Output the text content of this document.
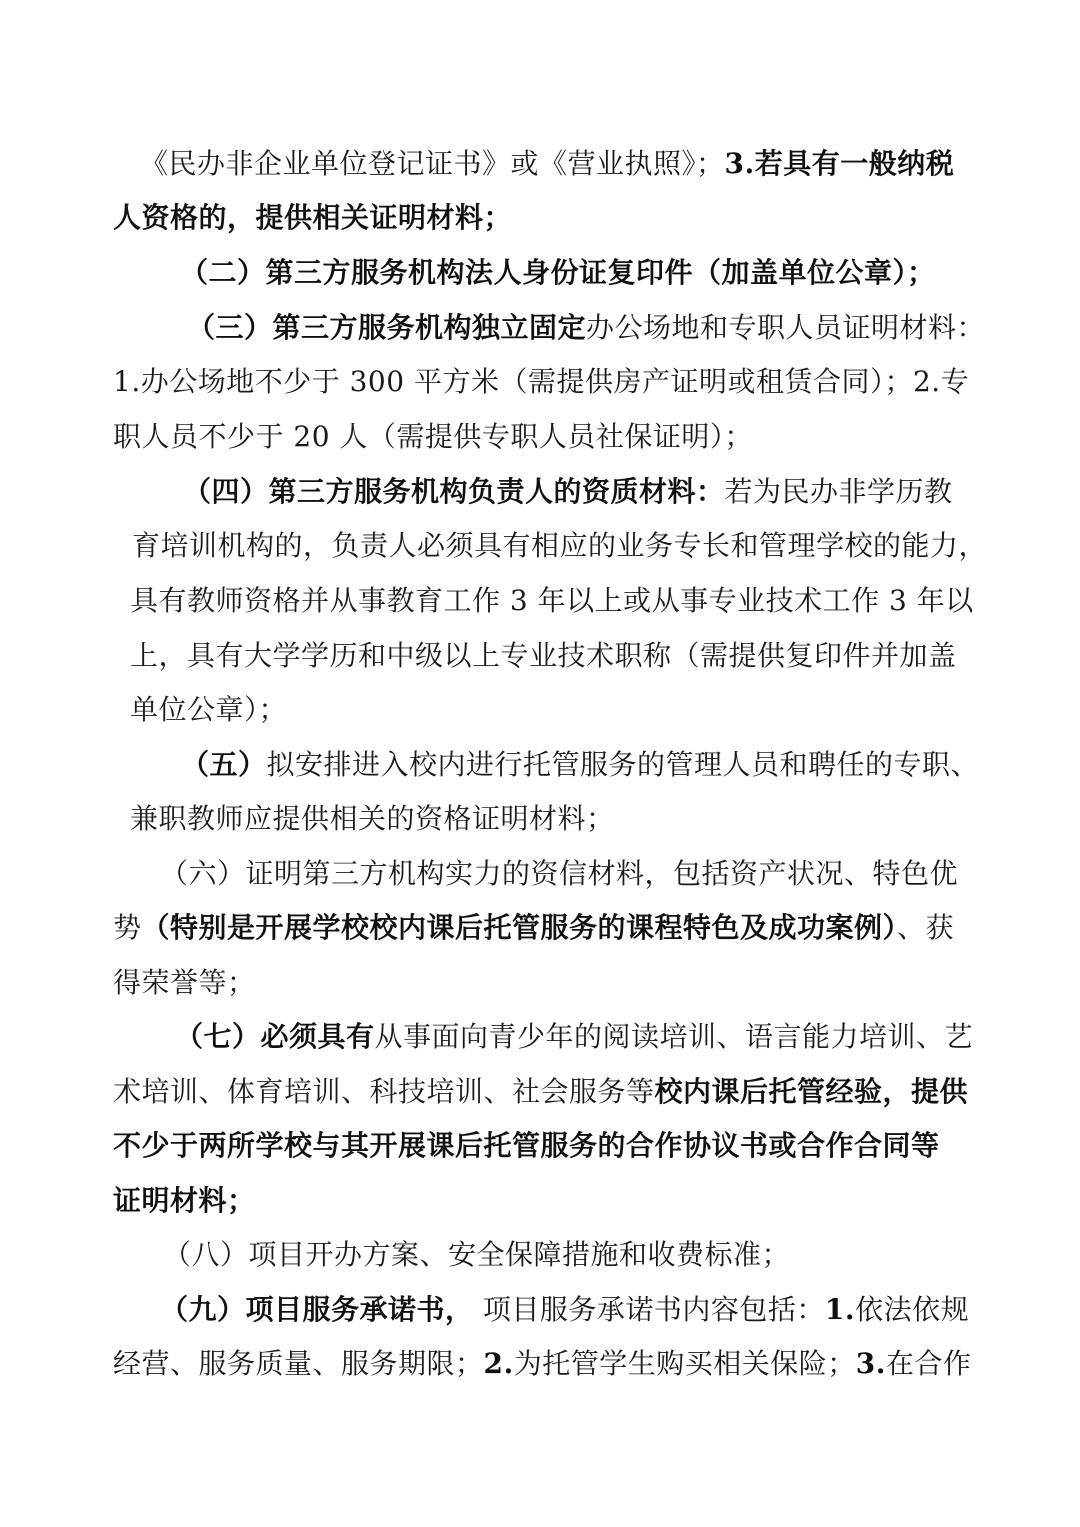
《民办非企业单位登记证书》或《营业执照》；3.若具有一般纳税
人资格的，提供相关证明材料；
（二）第三方服务机构法人身份证复印件（加盖单位公章）；
（三）第三方服务机构独立固定办公场地和专职人员证明材料：
1.办公场地不少于 300 平方米（需提供房产证明或租赁合同）；2.专
职人员不少于 20 人（需提供专职人员社保证明）；
（四）第三方服务机构负责人的资质材料：若为民办非学历教
育培训机构的，负责人必须具有相应的业务专长和管理学校的能力，
具有教师资格并从事教育工作 3 年以上或从事专业技术工作 3 年以
上，具有大学学历和中级以上专业技术职称（需提供复印件并加盖
单位公章）；
（五）拟安排进入校内进行托管服务的管理人员和聘任的专职、
兼职教师应提供相关的资格证明材料；
（六）证明第三方机构实力的资信材料，包括资产状况、特色优
势（特别是开展学校校内课后托管服务的课程特色及成功案例）、获
得荣誉等；
（七）必须具有从事面向青少年的阅读培训、语言能力培训、艺
术培训、体育培训、科技培训、社会服务等校内课后托管经验，提供
不少于两所学校与其开展课后托管服务的合作协议书或合作合同等
证明材料；
（八）项目开办方案、安全保障措施和收费标准；
（九）项目服务承诺书， 项目服务承诺书内容包括：1.依法依规
经营、服务质量、服务期限；2.为托管学生购买相关保险；3.在合作
